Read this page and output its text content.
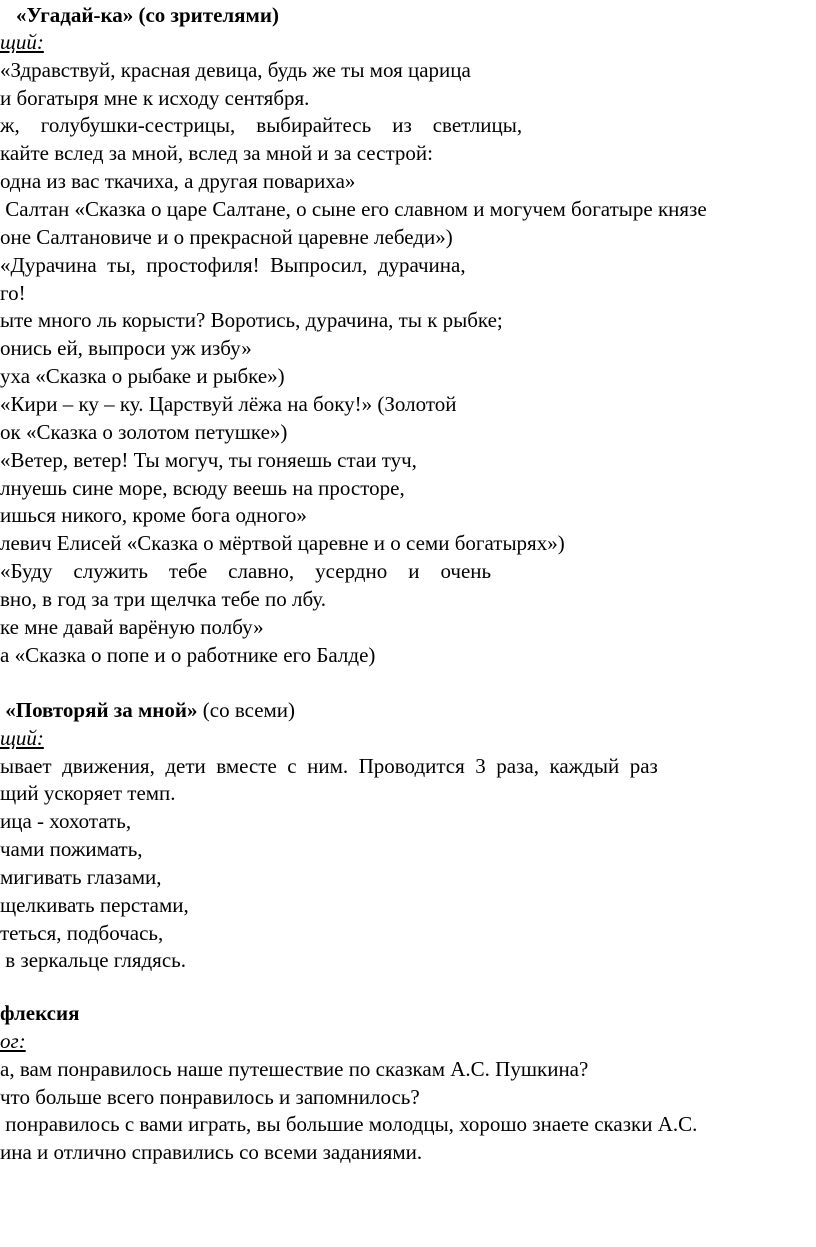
«Угадай-ка» (со зрителями)
щий:
«Здравствуй, красная девица, будь же ты моя царица
и богатыря мне к исходу сентября.
ж,    голубушки-сестрицы,    выбирайтесь    из    светлицы,
кайте вслед за мной, вслед за мной и за сестрой:
одна из вас ткачиха, а другая повариха»
Салтан «Сказка о царе Салтане, о сыне его славном и могучем богатыре князе
оне Салтановиче и о прекрасной царевне лебеди»)
«Дурачина  ты,  простофиля!  Выпросил,  дурачина,
го!
ыте много ль корысти? Воротись, дурачина, ты к рыбке;
онись ей, выпроси уж избу»
уха «Сказка о рыбаке и рыбке»)
«Кири – ку – ку. Царствуй лёжа на боку!» (Золотой
ок «Сказка о золотом петушке»)
«Ветер, ветер! Ты могуч, ты гоняешь стаи туч,
лнуешь сине море, всюду веешь на просторе,
ишься никого, кроме бога одного»
левич Елисей «Сказка о мёртвой царевне и о семи богатырях»)
«Буду    служить    тебе    славно,    усердно    и    очень
вно, в год за три щелчка тебе по лбу.
ке мне давай варёную полбу»
а «Сказка о попе и о работнике его Балде)
«Повторяй за мной» (со всеми)
щий:
ывает  движения,  дети  вместе  с  ним.  Проводится  3  раза,  каждый  раз
щий ускоряет темп.
ица - хохотать,
чами пожимать,
мигивать глазами,
щелкивать перстами,
теться, подбочась,
в зеркальце глядясь.
флексия
ог:
а, вам понравилось наше путешествие по сказкам А.С. Пушкина?
что больше всего понравилось и запомнилось?
понравилось с вами играть, вы большие молодцы, хорошо знаете сказки А.С.
ина и отлично справились со всеми заданиями.
